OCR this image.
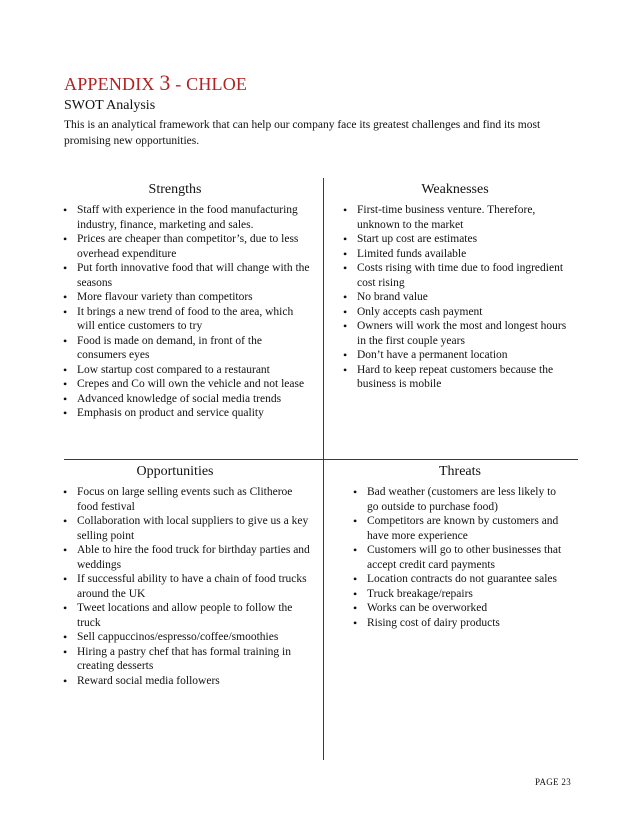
APPENDIX 3 - CHLOE

SWOT Analysis

This is an analytical framework that can help our company face its greatest challenges and find its most promising new opportunities.

Strengths
• Staff with experience in the food manufacturing industry, finance, marketing and sales.
• Prices are cheaper than competitor’s, due to less overhead expenditure
• Put forth innovative food that will change with the seasons
• More flavour variety than competitors
• It brings a new trend of food to the area, which will entice customers to try
• Food is made on demand, in front of the consumers eyes
• Low startup cost compared to a restaurant
• Crepes and Co will own the vehicle and not lease
• Advanced knowledge of social media trends
• Emphasis on product and service quality
Weaknesses
• First-time business venture. Therefore, unknown to the market
• Start up cost are estimates
• Limited funds available
• Costs rising with time due to food ingredient cost rising
• No brand value
• Only accepts cash payment
• Owners will work the most and longest hours in the first couple years
• Don’t have a permanent location
• Hard to keep repeat customers because the business is mobile
Opportunities
• Focus on large selling events such as Clitheroe food festival
• Collaboration with local suppliers to give us a key selling point
• Able to hire the food truck for birthday parties and weddings
• If successful ability to have a chain of food trucks around the UK
• Tweet locations and allow people to follow the truck
• Sell cappuccinos/espresso/coffee/smoothies
• Hiring a pastry chef that has formal training in creating desserts
• Reward social media followers
Threats
• Bad weather (customers are less likely to go outside to purchase food)
• Competitors are known by customers and have more experience
• Customers will go to other businesses that accept credit card payments
• Location contracts do not guarantee sales
• Truck breakage/repairs
• Works can be overworked
• Rising cost of dairy products
PAGE 23
